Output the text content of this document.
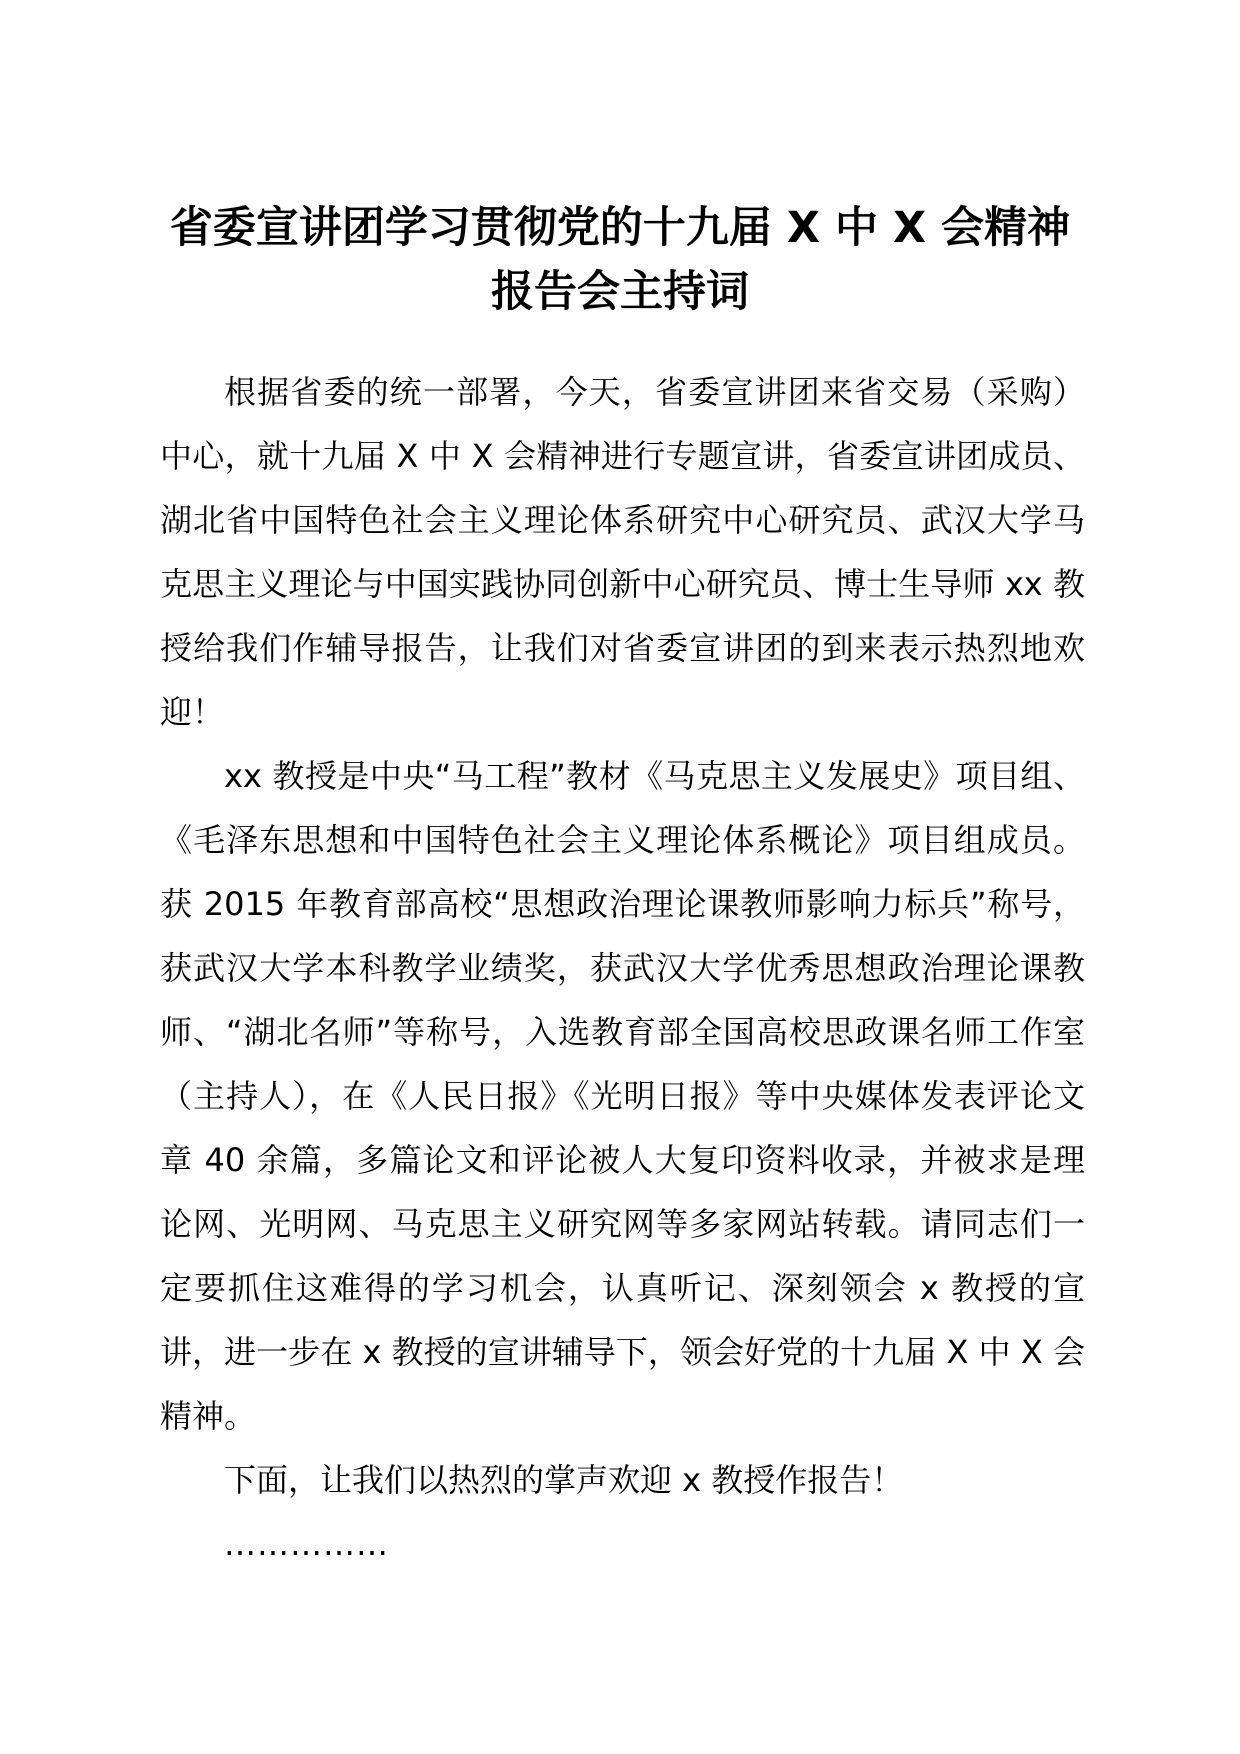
省委宣讲团学习贯彻党的十九届 X 中 X 会精神
报告会主持词

根据省委的统一部署，今天，省委宣讲团来省交易（采购）中心，就十九届 X 中 X 会精神进行专题宣讲，省委宣讲团成员、湖北省中国特色社会主义理论体系研究中心研究员、武汉大学马克思主义理论与中国实践协同创新中心研究员、博士生导师 xx 教授给我们作辅导报告，让我们对省委宣讲团的到来表示热烈地欢迎！

xx 教授是中央“马工程”教材《马克思主义发展史》项目组、《毛泽东思想和中国特色社会主义理论体系概论》项目组成员。获 2015 年教育部高校“思想政治理论课教师影响力标兵”称号，获武汉大学本科教学业绩奖，获武汉大学优秀思想政治理论课教师、“湖北名师”等称号，入选教育部全国高校思政课名师工作室（主持人），在《人民日报》《光明日报》等中央媒体发表评论文章 40 余篇，多篇论文和评论被人大复印资料收录，并被求是理论网、光明网、马克思主义研究网等多家网站转载。请同志们一定要抓住这难得的学习机会，认真听记、深刻领会 x 教授的宣讲，进一步在 x 教授的宣讲辅导下，领会好党的十九届 X 中 X 会精神。

下面，让我们以热烈的掌声欢迎 x 教授作报告！

……………
